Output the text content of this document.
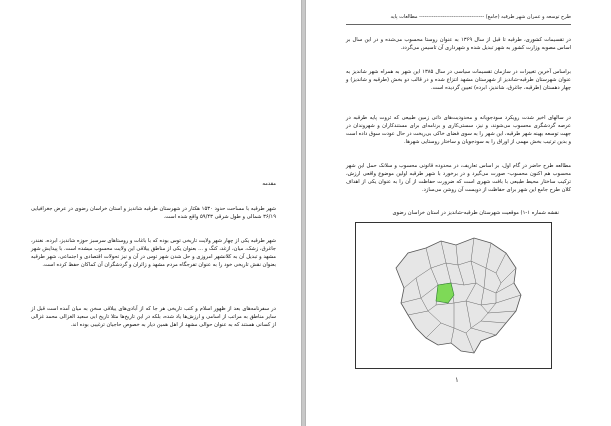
مقدمه
شهر طرقبه با مساحت حدود ۱۵۳۰ هکتار در شهرستان طرقبه شاندیز و استان خراسان رضوی در عرض جغرافیایی ۳۶/۱۹ شمالی و طول شرقی ۵۹/۴۳ واقع شده است.
شهر طرقبه یکی از چهار شهر ولایت تاریخی توس بوده که با باغات و روستاهای سرسبز حوزه شاندیز، ابرده، نغندر، جاغرق، زشک، میان، ازغد، کنگ و ... بعنوان یکی از مناطق ییلاقی این ولایت محسوب میشده است. با پیدایش شهر مشهد و تبدیل آن به کلانشهر امروزی و حل شدن شهر توس در آن و نیز تحولات اقتصادی و اجتماعی، شهر طرقبه بعنوان نقش تاریخی خود را به عنوان تفرجگاه مردم مشهد و زائران و گردشگران آن کماکان حفظ کرده است.
در سفرنامه‌های بعد از ظهور اسلام و کتب تاریخی هر جا که از آبادی‌های ییلاقی سخن به میان آمده است قبل از سایر مناطق به مراتب از اسامی و ارزش‌ها یاد شده، بلکه در این تاریخ‌ها مثلا تاریخ ابی سعید الغزالی محمد غزالی از کسانی هستند که به عنوان حوالی مشهد از اهل همین دیار به خصوص حاجیان ترغیبی بوده اند.
طرح توسعه و عمران شهر طرقبه (جامع) ------------------------------------ مطالعات پایه
در تقسیمات کشوری، طرقبه تا قبل از سال ۱۳۶۹ به عنوان روستا محسوب می‌شده و در این سال بر اساس مصوبه وزارت کشور به شهر تبدیل شده و شهرداری آن تاسیس می‌گردد.
براساس آخرین تغییرات در سازمان تقسیمات سیاسی در سال ۱۳۸۵ این شهر به همراه شهر شاندیز به عنوان شهرستان طرقبه-شاندیز از شهرستان مشهد انتزاع شده و در قالب دو بخش (طرقبه و شاندیز) و چهار دهستان (طرقبه، جاغرق، شاندیز، ابرده) تعیین گردیده است.
در سالهای اخیر شدت رویکرد سودجویانه و محدودیت‌های ذاتی زمین طبیعی که ثروت پایه طرقبه در عرصه گردشگری محسوب می‌شوند، و نیز، سستی‌کاری و برنامه‌ای برای مستندکاران و شهروندان در جهت توسعه بهینه شهر طرقبه، این شهر را به سوی فضای خاکی بی‌ریخت در حال عودت سوق داده است و بدین ترتیب بخش مهمی از اوراق را به سودجویان و ساختار روستایی شهرها.
مطالعه طرح حاضر در گام اول، بر اساس تعاریف، در محدوده قانونی محسوب و سلانک حمل این شهر محسوب هم اکنون محسوب- صورت می‌گیرد و در برخورد با شهر طرقبه اولین موضوع واقعی ارزش، ترکیب ساختار محیط طبیعی با بافت شهری است که ضرورت حفاظت از آن را به عنوان یکی از اهداف کلان طرح جامع این شهر برای حفاظت از دویست آن روشن می‌سازد.
نقشه شماره ۱-۱) موقعیت شهرستان طرقبه-شاندیز در استان خراسان رضوی
۱
